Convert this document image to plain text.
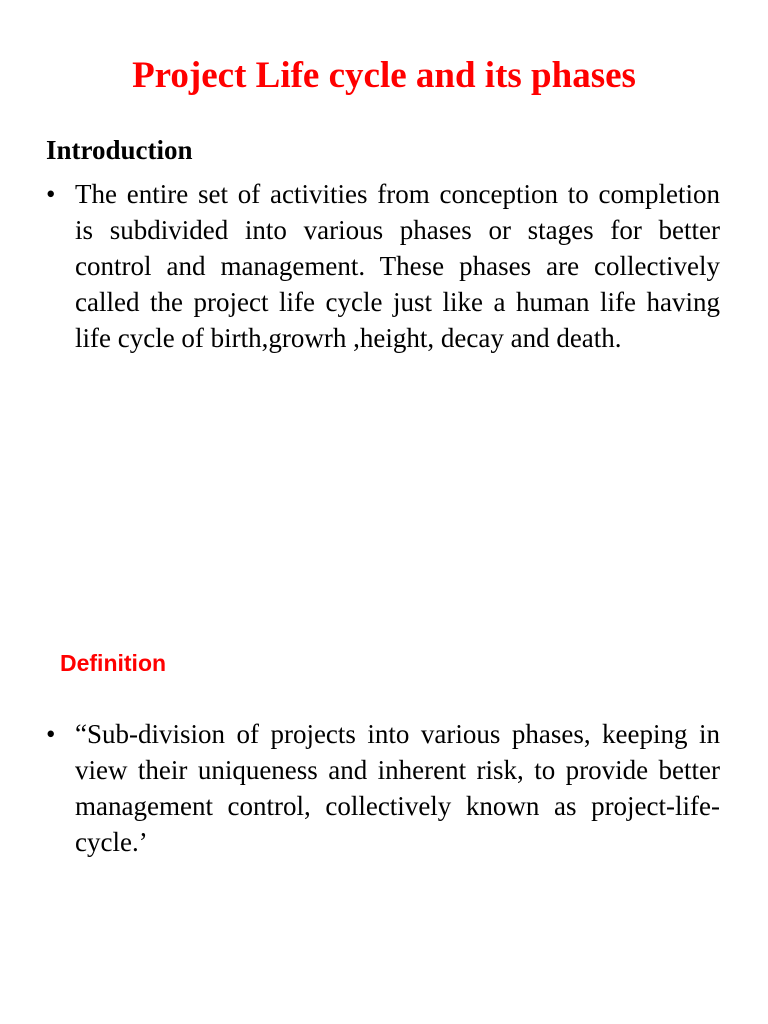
Project Life cycle and its phases
Introduction
• The entire set of activities from conception to completion is subdivided into various phases or stages for better control and management. These phases are collectively called the project life cycle just like a human life having life cycle of birth,growrh ,height, decay and death.
Definition
• “Sub-division of projects into various phases, keeping in view their uniqueness and inherent risk, to provide better management control, collectively known as project-life-cycle.’
